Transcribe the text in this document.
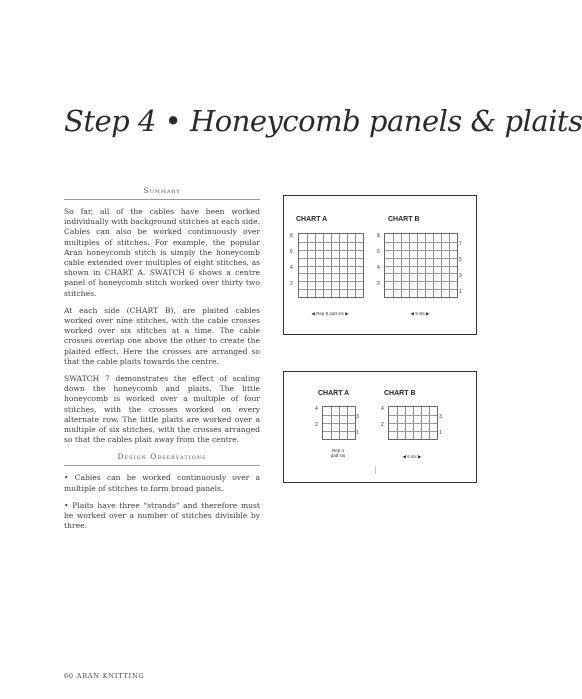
Step 4 • Honeycomb panels & plaits
Summary

So far, all of the cables have been worked individually with background stitches at each side. Cables can also be worked continuously over multiples of stitches. For example, the popular Aran honeycomb stitch is simply the honeycomb cable extended over multiples of eight stitches, as shown in CHART A. SWATCH 6 shows a centre panel of honeycomb stitch worked over thirty two stitches.

At each side (CHART B), are plaited cables worked over nine stitches, with the cable crosses worked over six stitches at a time. The cable crosses overlap one above the other to create the plaited effect. Here the crosses are arranged so that the cable plaits towards the centre.

SWATCH 7 demonstrates the effect of scaling down the honeycomb and plaits. The little honeycomb is worked over a multiple of four stitches, with the crosses worked on every alternate row. The little plaits are worked over a multiple of six stitches, with the crosses arranged so that the cables plait away from the centre.

Design Observations

• Cables can be worked continuously over a multiple of stitches to form broad panels.

• Plaits have three "strands" and therefore must be worked over a number of stitches divisible by three.

CHART A	CHART B
8
6
4
2
◀ Rep 8 patt sts ▶
8
6
4
2
7
5
3
1
◀ 9 sts ▶
CHART A	CHART B
4
2
3
1
Rep 4
patt sts
4
2
3
1
◀ 6 sts ▶
60 ARAN KNITTING
